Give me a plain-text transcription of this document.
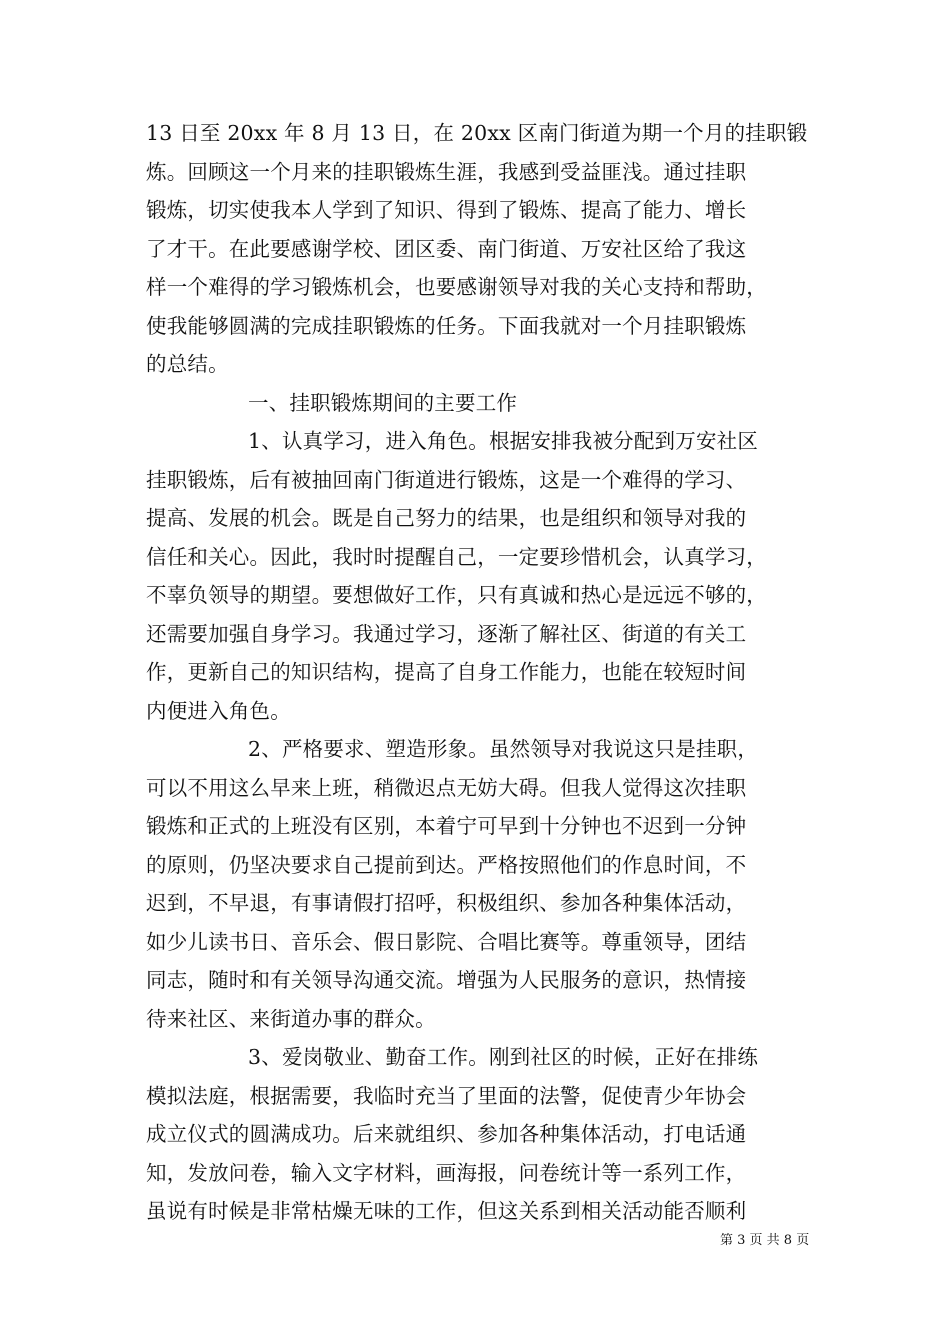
13 日至 20xx 年 8 月 13 日，在 20xx 区南门街道为期一个月的挂职锻
炼。回顾这一个月来的挂职锻炼生涯，我感到受益匪浅。通过挂职
锻炼，切实使我本人学到了知识、得到了锻炼、提高了能力、增长
了才干。在此要感谢学校、团区委、南门街道、万安社区给了我这
样一个难得的学习锻炼机会，也要感谢领导对我的关心支持和帮助，
使我能够圆满的完成挂职锻炼的任务。下面我就对一个月挂职锻炼
的总结。
一、挂职锻炼期间的主要工作
1、认真学习，进入角色。根据安排我被分配到万安社区
挂职锻炼，后有被抽回南门街道进行锻炼，这是一个难得的学习、
提高、发展的机会。既是自己努力的结果，也是组织和领导对我的
信任和关心。因此，我时时提醒自己，一定要珍惜机会，认真学习，
不辜负领导的期望。要想做好工作，只有真诚和热心是远远不够的，
还需要加强自身学习。我通过学习，逐渐了解社区、街道的有关工
作，更新自己的知识结构，提高了自身工作能力，也能在较短时间
内便进入角色。
2、严格要求、塑造形象。虽然领导对我说这只是挂职，
可以不用这么早来上班，稍微迟点无妨大碍。但我人觉得这次挂职
锻炼和正式的上班没有区别，本着宁可早到十分钟也不迟到一分钟
的原则，仍坚决要求自己提前到达。严格按照他们的作息时间，不
迟到，不早退，有事请假打招呼，积极组织、参加各种集体活动，
如少儿读书日、音乐会、假日影院、合唱比赛等。尊重领导，团结
同志，随时和有关领导沟通交流。增强为人民服务的意识，热情接
待来社区、来街道办事的群众。
3、爱岗敬业、勤奋工作。刚到社区的时候，正好在排练
模拟法庭，根据需要，我临时充当了里面的法警，促使青少年协会
成立仪式的圆满成功。后来就组织、参加各种集体活动，打电话通
知，发放问卷，输入文字材料，画海报，问卷统计等一系列工作，
虽说有时候是非常枯燥无味的工作，但这关系到相关活动能否顺利
第 3 页 共 8 页
